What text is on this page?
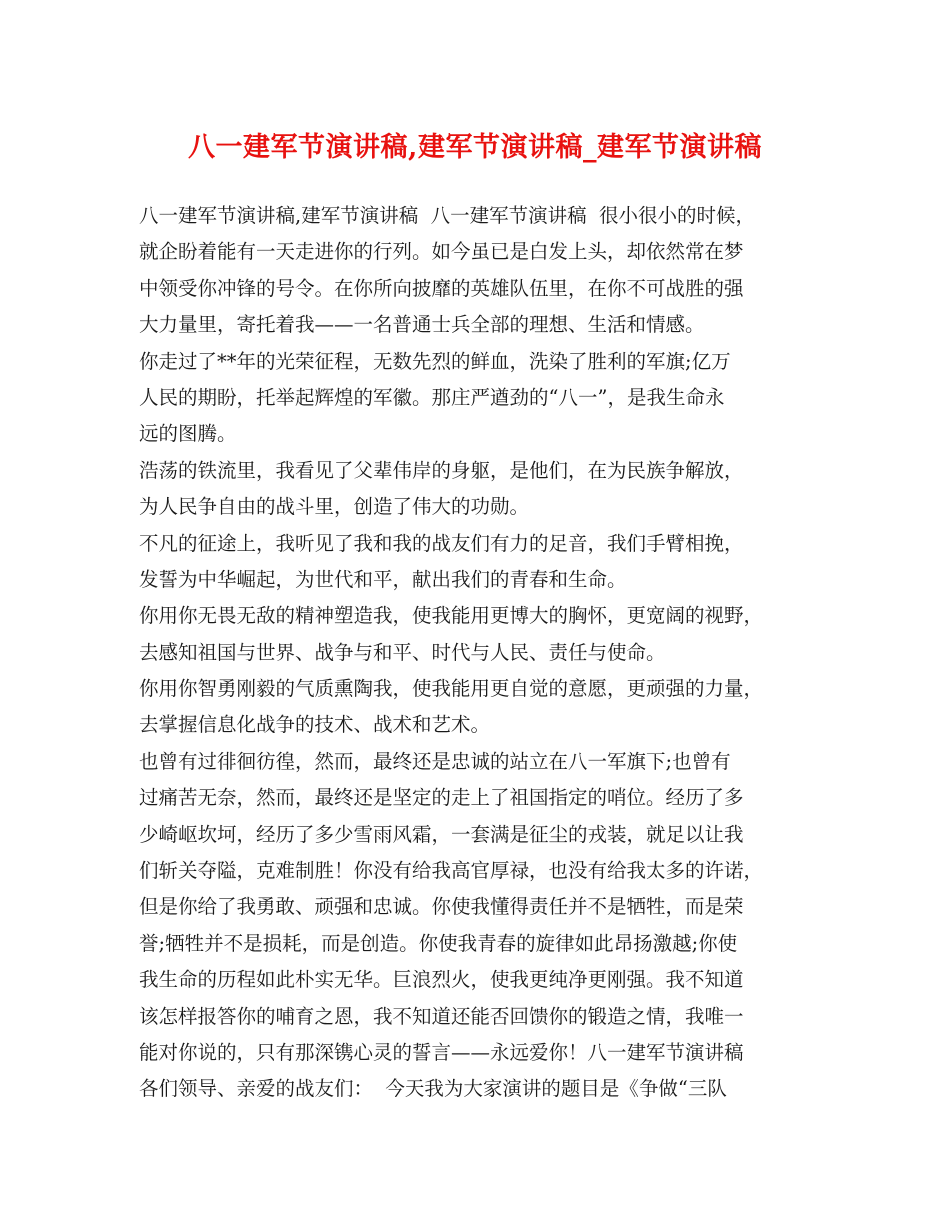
八一建军节演讲稿,建军节演讲稿_建军节演讲稿
八一建军节演讲稿,建军节演讲稿  八一建军节演讲稿  很小很小的时候，
就企盼着能有一天走进你的行列。如今虽已是白发上头，却依然常在梦
中领受你冲锋的号令。在你所向披靡的英雄队伍里，在你不可战胜的强
大力量里，寄托着我——一名普通士兵全部的理想、生活和情感。
你走过了**年的光荣征程，无数先烈的鲜血，洗染了胜利的军旗;亿万
人民的期盼，托举起辉煌的军徽。那庄严遒劲的“八一”，是我生命永
远的图腾。
浩荡的铁流里，我看见了父辈伟岸的身躯，是他们，在为民族争解放，
为人民争自由的战斗里，创造了伟大的功勋。
不凡的征途上，我听见了我和我的战友们有力的足音，我们手臂相挽，
发誓为中华崛起，为世代和平，献出我们的青春和生命。
你用你无畏无敌的精神塑造我，使我能用更博大的胸怀，更宽阔的视野，
去感知祖国与世界、战争与和平、时代与人民、责任与使命。
你用你智勇刚毅的气质熏陶我，使我能用更自觉的意愿，更顽强的力量，
去掌握信息化战争的技术、战术和艺术。
也曾有过徘徊彷徨，然而，最终还是忠诚的站立在八一军旗下;也曾有
过痛苦无奈，然而，最终还是坚定的走上了祖国指定的哨位。经历了多
少崎岖坎坷，经历了多少雪雨风霜，一套满是征尘的戎装，就足以让我
们斩关夺隘，克难制胜！你没有给我高官厚禄，也没有给我太多的许诺，
但是你给了我勇敢、顽强和忠诚。你使我懂得责任并不是牺牲，而是荣
誉;牺牲并不是损耗，而是创造。你使我青春的旋律如此昂扬激越;你使
我生命的历程如此朴实无华。巨浪烈火，使我更纯净更刚强。我不知道
该怎样报答你的哺育之恩，我不知道还能否回馈你的锻造之情，我唯一
能对你说的，只有那深镌心灵的誓言——永远爱你！八一建军节演讲稿
各们领导、亲爱的战友们：  今天我为大家演讲的题目是《争做“三队
